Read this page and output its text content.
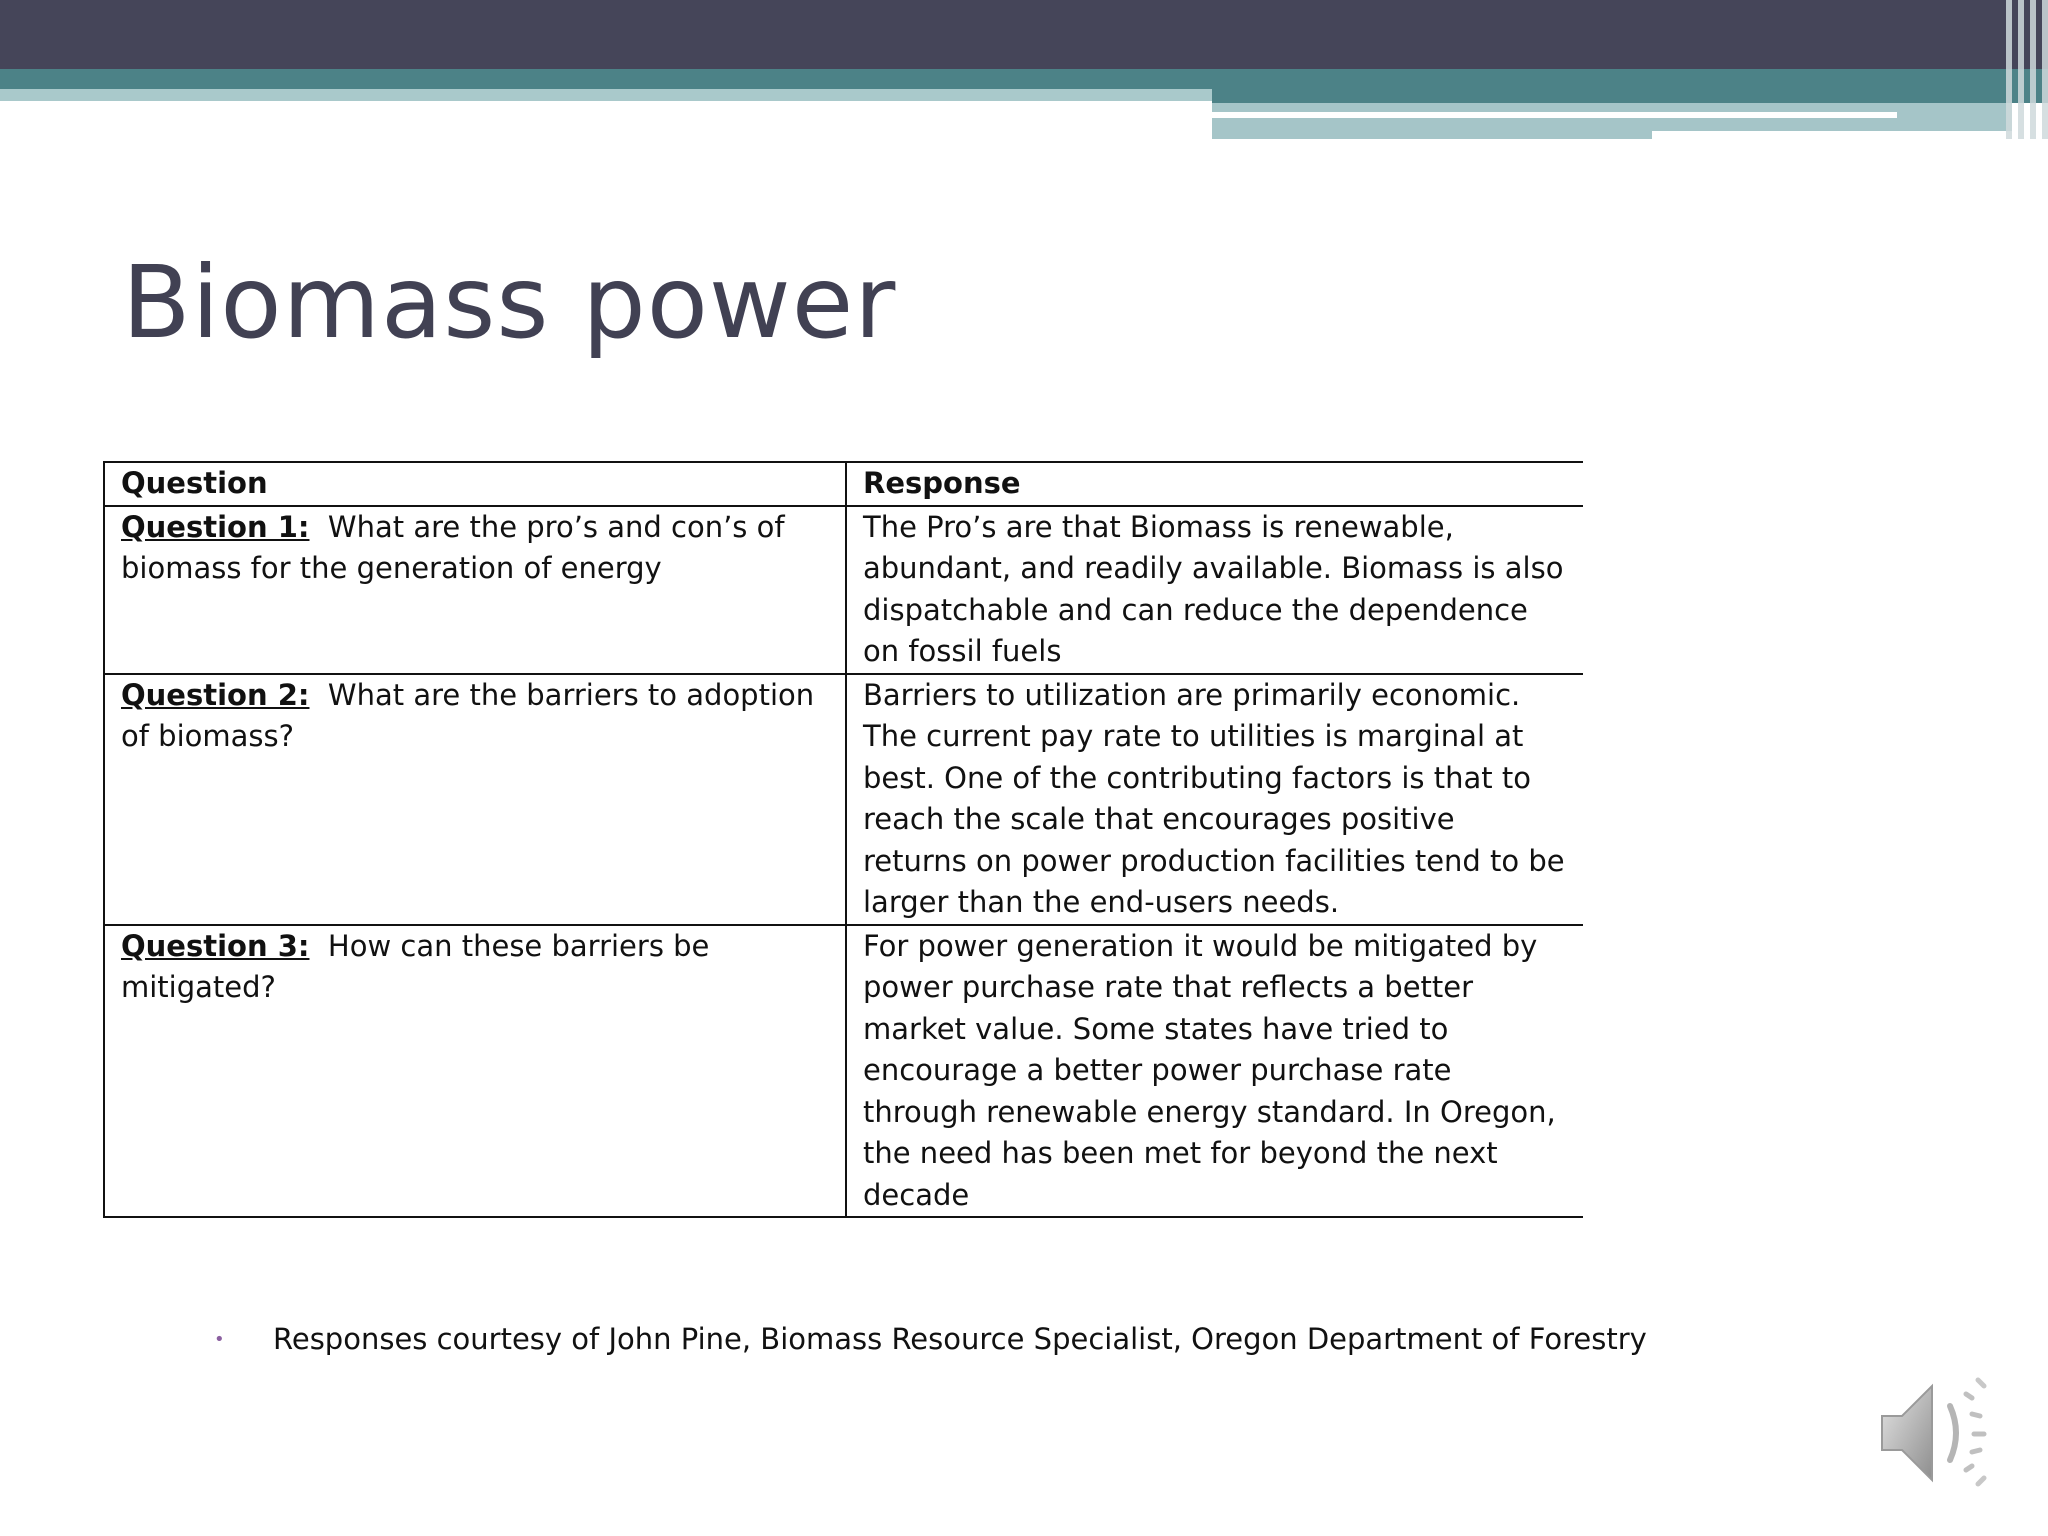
Biomass power
Question	Response
Question 1: What are the pro’s and con’s of biomass for the generation of energy	The Pro’s are that Biomass is renewable, abundant, and readily available. Biomass is also dispatchable and can reduce the dependence on fossil fuels
Question 2: What are the barriers to adoption of biomass?	Barriers to utilization are primarily economic. The current pay rate to utilities is marginal at best. One of the contributing factors is that to reach the scale that encourages positive returns on power production facilities tend to be larger than the end-users needs.
Question 3: How can these barriers be mitigated?	For power generation it would be mitigated by power purchase rate that reflects a better market value. Some states have tried to encourage a better power purchase rate through renewable energy standard. In Oregon, the need has been met for beyond the next decade
•	Responses courtesy of John Pine, Biomass Resource Specialist, Oregon Department of Forestry
